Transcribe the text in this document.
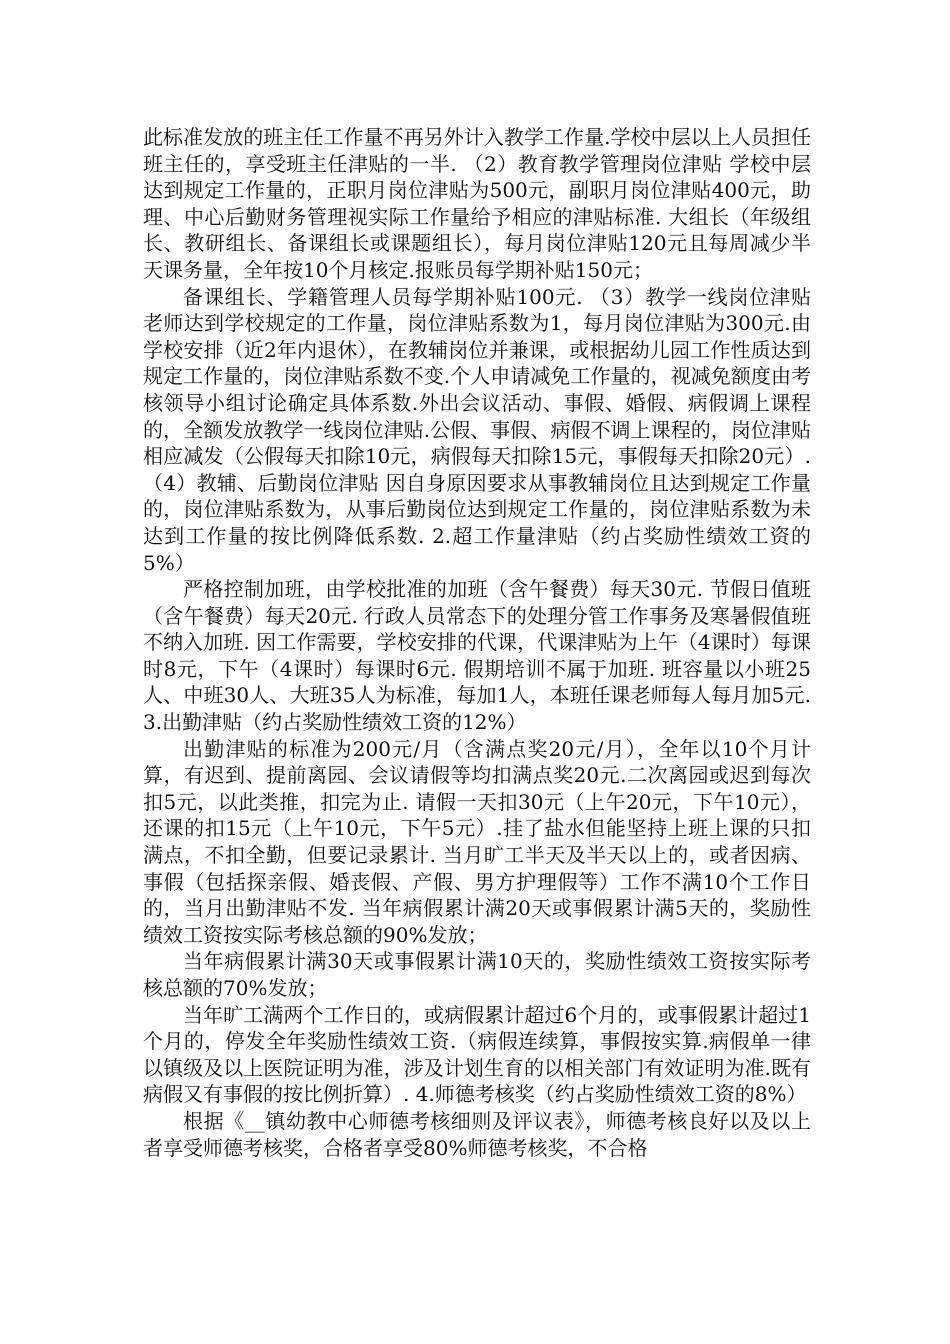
此标准发放的班主任工作量不再另外计入教学工作量.学校中层以上人员担任班主任的，享受班主任津贴的一半. （2）教育教学管理岗位津贴 学校中层达到规定工作量的，正职月岗位津贴为500元，副职月岗位津贴400元，助理、中心后勤财务管理视实际工作量给予相应的津贴标准. 大组长（年级组长、教研组长、备课组长或课题组长），每月岗位津贴120元且每周减少半天课务量，全年按10个月核定.报账员每学期补贴150元；

备课组长、学籍管理人员每学期补贴100元. （3）教学一线岗位津贴 老师达到学校规定的工作量，岗位津贴系数为1，每月岗位津贴为300元.由学校安排（近2年内退休），在教辅岗位并兼课，或根据幼儿园工作性质达到规定工作量的，岗位津贴系数不变.个人申请减免工作量的，视减免额度由考核领导小组讨论确定具体系数.外出会议活动、事假、婚假、病假调上课程的，全额发放教学一线岗位津贴.公假、事假、病假不调上课程的，岗位津贴相应减发（公假每天扣除10元，病假每天扣除15元，事假每天扣除20元）. （4）教辅、后勤岗位津贴 因自身原因要求从事教辅岗位且达到规定工作量的，岗位津贴系数为，从事后勤岗位达到规定工作量的，岗位津贴系数为未达到工作量的按比例降低系数. 2.超工作量津贴（约占奖励性绩效工资的5%）

严格控制加班，由学校批准的加班（含午餐费）每天30元. 节假日值班（含午餐费）每天20元. 行政人员常态下的处理分管工作事务及寒暑假值班不纳入加班. 因工作需要，学校安排的代课，代课津贴为上午（4课时）每课时8元，下午（4课时）每课时6元. 假期培训不属于加班. 班容量以小班25人、中班30人、大班35人为标准，每加1人，本班任课老师每人每月加5元. 3.出勤津贴（约占奖励性绩效工资的12%）

出勤津贴的标准为200元/月（含满点奖20元/月），全年以10个月计算，有迟到、提前离园、会议请假等均扣满点奖20元.二次离园或迟到每次扣5元，以此类推，扣完为止. 请假一天扣30元（上午20元，下午10元），还课的扣15元（上午10元，下午5元）.挂了盐水但能坚持上班上课的只扣满点，不扣全勤，但要记录累计. 当月旷工半天及半天以上的，或者因病、事假（包括探亲假、婚丧假、产假、男方护理假等）工作不满10个工作日的，当月出勤津贴不发. 当年病假累计满20天或事假累计满5天的，奖励性绩效工资按实际考核总额的90%发放；

当年病假累计满30天或事假累计满10天的，奖励性绩效工资按实际考核总额的70%发放；

当年旷工满两个工作日的，或病假累计超过6个月的，或事假累计超过1个月的，停发全年奖励性绩效工资.（病假连续算，事假按实算.病假单一律以镇级及以上医院证明为准，涉及计划生育的以相关部门有效证明为准.既有病假又有事假的按比例折算）. 4.师德考核奖（约占奖励性绩效工资的8%）

根据《__镇幼教中心师德考核细则及评议表》，师德考核良好以及以上者享受师德考核奖，合格者享受80%师德考核奖，不合格
